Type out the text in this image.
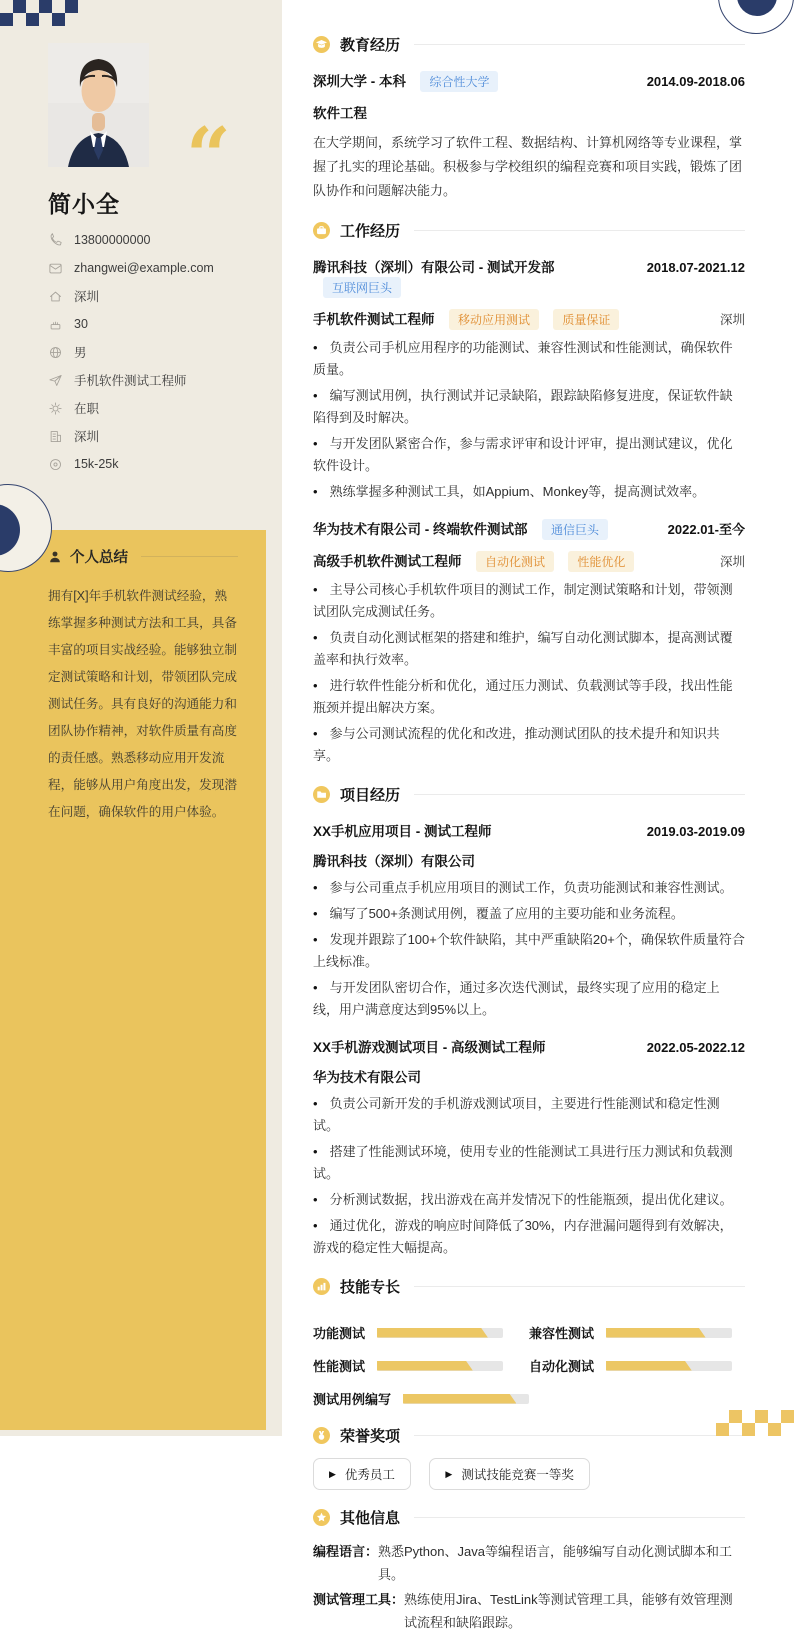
“
简小全
13800000000
zhangwei@example.com
深圳
30
男
手机软件测试工程师
在职
深圳
15k-25k
个人总结

拥有[X]年手机软件测试经验，熟练掌握多种测试方法和工具，具备丰富的项目实战经验。能够独立制定测试策略和计划，带领团队完成测试任务。具有良好的沟通能力和团队协作精神，对软件质量有高度的责任感。熟悉移动应用开发流程，能够从用户角度出发，发现潜在问题，确保软件的用户体验。

教育经历
深圳大学 - 本科 综合性大学	2014.09-2018.06
软件工程

在大学期间，系统学习了软件工程、数据结构、计算机网络等专业课程，掌握了扎实的理论基础。积极参与学校组织的编程竞赛和项目实践，锻炼了团队协作和问题解决能力。

工作经历
腾讯科技（深圳）有限公司 - 测试开发部 互联网巨头
2018.07-2021.12
手机软件测试工程师 移动应用测试	质量保证	深圳

• 负责公司手机应用程序的功能测试、兼容性测试和性能测试，确保软件质量。

• 编写测试用例，执行测试并记录缺陷，跟踪缺陷修复进度，保证软件缺陷得到及时解决。

• 与开发团队紧密合作，参与需求评审和设计评审，提出测试建议，优化软件设计。

• 熟练掌握多种测试工具，如Appium、Monkey等，提高测试效率。

华为技术有限公司 - 终端软件测试部 通信巨头	2022.01-至今
高级手机软件测试工程师 自动化测试	性能优化	深圳

• 主导公司核心手机软件项目的测试工作，制定测试策略和计划，带领测试团队完成测试任务。

• 负责自动化测试框架的搭建和维护，编写自动化测试脚本，提高测试覆盖率和执行效率。

• 进行软件性能分析和优化，通过压力测试、负载测试等手段，找出性能瓶颈并提出解决方案。

• 参与公司测试流程的优化和改进，推动测试团队的技术提升和知识共享。

项目经历
XX手机应用项目 - 测试工程师	2019.03-2019.09
腾讯科技（深圳）有限公司

• 参与公司重点手机应用项目的测试工作，负责功能测试和兼容性测试。

• 编写了500+条测试用例，覆盖了应用的主要功能和业务流程。

• 发现并跟踪了100+个软件缺陷，其中严重缺陷20+个，确保软件质量符合上线标准。

• 与开发团队密切合作，通过多次迭代测试，最终实现了应用的稳定上线，用户满意度达到95%以上。

XX手机游戏测试项目 - 高级测试工程师	2022.05-2022.12
华为技术有限公司

• 负责公司新开发的手机游戏测试项目，主要进行性能测试和稳定性测试。

• 搭建了性能测试环境，使用专业的性能测试工具进行压力测试和负载测试。

• 分析测试数据，找出游戏在高并发情况下的性能瓶颈，提出优化建议。

• 通过优化，游戏的响应时间降低了30%，内存泄漏问题得到有效解决，游戏的稳定性大幅提高。

技能专长
功能测试	兼容性测试
性能测试	自动化测试
测试用例编写
荣誉奖项
▶ 优秀员工
	▶ 测试技能竞赛一等奖
其他信息
编程语言： 熟悉Python、Java等编程语言，能够编写自动化测试脚本和工具。
测试管理工具： 熟练使用Jira、TestLink等测试管理工具，能够有效管理测试流程和缺陷跟踪。
